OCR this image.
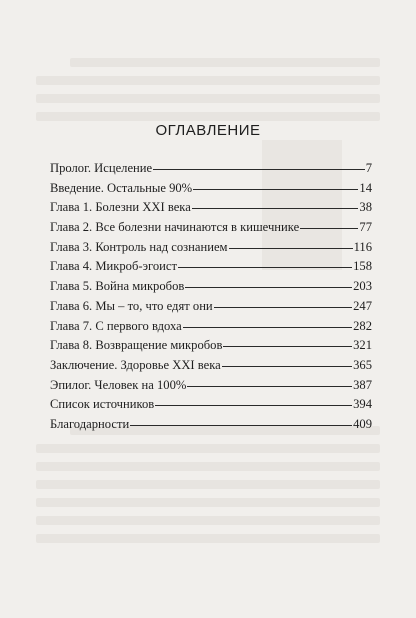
ОГЛАВЛЕНИЕ
Пролог. Исцеление	7
Введение. Остальные 90%	14
Глава 1. Болезни XXI века	38
Глава 2. Все болезни начинаются в кишечнике	77
Глава 3. Контроль над сознанием	116
Глава 4. Микроб-эгоист	158
Глава 5. Война микробов	203
Глава 6. Мы – то, что едят они	247
Глава 7. С первого вдоха	282
Глава 8. Возвращение микробов	321
Заключение. Здоровье XXI века	365
Эпилог. Человек на 100%	387
Список источников	394
Благодарности	409
